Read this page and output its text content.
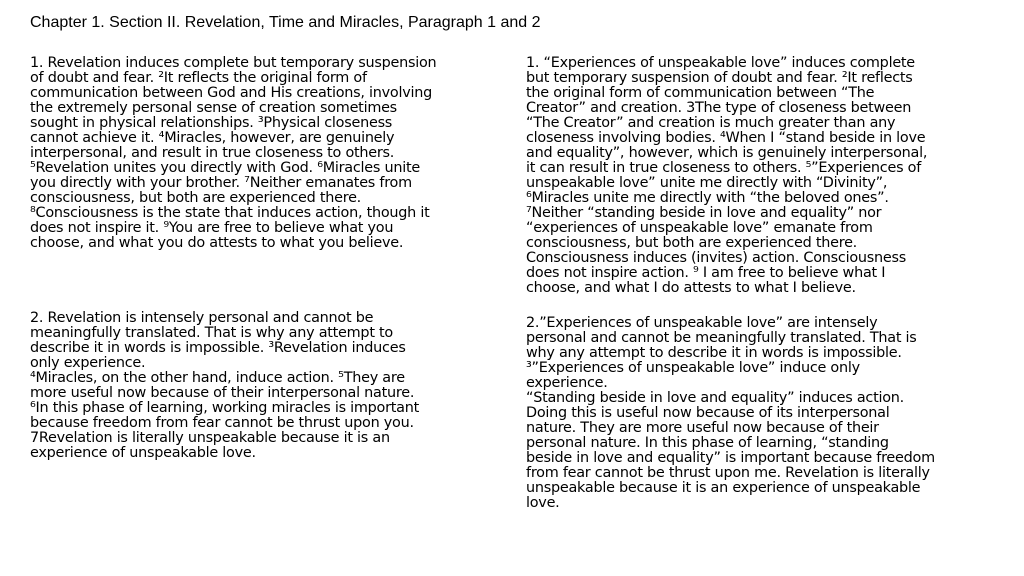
Chapter 1. Section II. Revelation, Time and Miracles, Paragraph 1 and 2
1. Revelation induces complete but temporary suspension
of doubt and fear. ²It reflects the original form of
communication between God and His creations, involving
the extremely personal sense of creation sometimes
sought in physical relationships. ³Physical closeness
cannot achieve it. ⁴Miracles, however, are genuinely
interpersonal, and result in true closeness to others.
⁵Revelation unites you directly with God. ⁶Miracles unite
you directly with your brother. ⁷Neither emanates from
consciousness, but both are experienced there.
⁸Consciousness is the state that induces action, though it
does not inspire it. ⁹You are free to believe what you
choose, and what you do attests to what you believe.
2. Revelation is intensely personal and cannot be
meaningfully translated. That is why any attempt to
describe it in words is impossible. ³Revelation induces
only experience.
⁴Miracles, on the other hand, induce action. ⁵They are
more useful now because of their interpersonal nature.
⁶In this phase of learning, working miracles is important
because freedom from fear cannot be thrust upon you.
7Revelation is literally unspeakable because it is an
experience of unspeakable love.
1. “Experiences of unspeakable love” induces complete
but temporary suspension of doubt and fear. ²It reflects
the original form of communication between “The
Creator” and creation. 3The type of closeness between
“The Creator” and creation is much greater than any
closeness involving bodies. ⁴When I “stand beside in love
and equality”, however, which is genuinely interpersonal,
it can result in true closeness to others. ⁵”Experiences of
unspeakable love” unite me directly with “Divinity”,
⁶Miracles unite me directly with “the beloved ones”.
⁷Neither “standing beside in love and equality” nor
“experiences of unspeakable love” emanate from
consciousness, but both are experienced there.
Consciousness induces (invites) action. Consciousness
does not inspire action. ⁹ I am free to believe what I
choose, and what I do attests to what I believe.
2.”Experiences of unspeakable love” are intensely
personal and cannot be meaningfully translated. That is
why any attempt to describe it in words is impossible.
³”Experiences of unspeakable love” induce only
experience.
“Standing beside in love and equality” induces action.
Doing this is useful now because of its interpersonal
nature. They are more useful now because of their
personal nature. In this phase of learning, “standing
beside in love and equality” is important because freedom
from fear cannot be thrust upon me. Revelation is literally
unspeakable because it is an experience of unspeakable
love.
